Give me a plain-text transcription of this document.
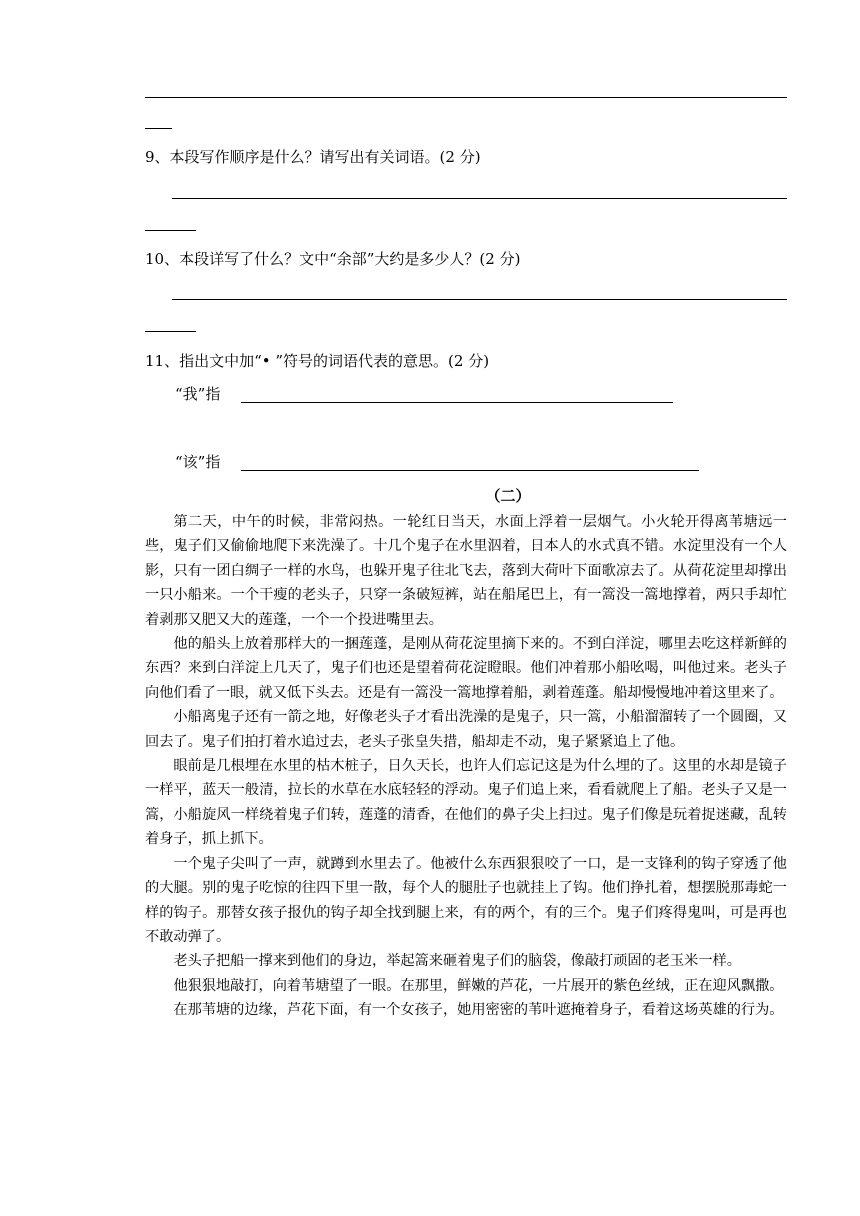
9、本段写作顺序是什么？请写出有关词语。(2 分)
10、本段详写了什么？文中“余部”大约是多少人？(2 分)
11、指出文中加“• ”符号的词语代表的意思。(2 分)
“我”指
“该”指
（二）

第二天，中午的时候，非常闷热。一轮红日当天，水面上浮着一层烟气。小火轮开得离苇塘远一些，鬼子们又偷偷地爬下来洗澡了。十几个鬼子在水里泅着，日本人的水式真不错。水淀里没有一个人影，只有一团白绸子一样的水鸟，也躲开鬼子往北飞去，落到大荷叶下面歌凉去了。从荷花淀里却撑出一只小船来。一个干瘦的老头子，只穿一条破短裤，站在船尾巴上，有一篙没一篙地撑着，两只手却忙着剥那又肥又大的莲蓬，一个一个投进嘴里去。

他的船头上放着那样大的一捆莲蓬，是刚从荷花淀里摘下来的。不到白洋淀，哪里去吃这样新鲜的东西？来到白洋淀上几天了，鬼子们也还是望着荷花淀瞪眼。他们冲着那小船吆喝，叫他过来。老头子向他们看了一眼，就又低下头去。还是有一篙没一篙地撑着船，剥着莲蓬。船却慢慢地冲着这里来了。

小船离鬼子还有一箭之地，好像老头子才看出洗澡的是鬼子，只一篙，小船溜溜转了一个圆圈，又回去了。鬼子们拍打着水追过去，老头子张皇失措，船却走不动，鬼子紧紧追上了他。

眼前是几根埋在水里的枯木桩子，日久天长，也许人们忘记这是为什么埋的了。这里的水却是镜子一样平，蓝天一般清，拉长的水草在水底轻轻的浮动。鬼子们追上来，看看就爬上了船。老头子又是一篙，小船旋风一样绕着鬼子们转，莲蓬的清香，在他们的鼻子尖上扫过。鬼子们像是玩着捉迷藏，乱转着身子，抓上抓下。

一个鬼子尖叫了一声，就蹲到水里去了。他被什么东西狠狠咬了一口，是一支锋利的钩子穿透了他的大腿。别的鬼子吃惊的往四下里一散，每个人的腿肚子也就挂上了钩。他们挣扎着，想摆脱那毒蛇一样的钩子。那替女孩子报仇的钩子却全找到腿上来，有的两个，有的三个。鬼子们疼得鬼叫，可是再也不敢动弹了。

老头子把船一撑来到他们的身边，举起篙来砸着鬼子们的脑袋，像敲打顽固的老玉米一样。

他狠狠地敲打，向着苇塘望了一眼。在那里，鲜嫩的芦花，一片展开的紫色丝绒，正在迎风飘撒。

在那苇塘的边缘，芦花下面，有一个女孩子，她用密密的苇叶遮掩着身子，看着这场英雄的行为。
